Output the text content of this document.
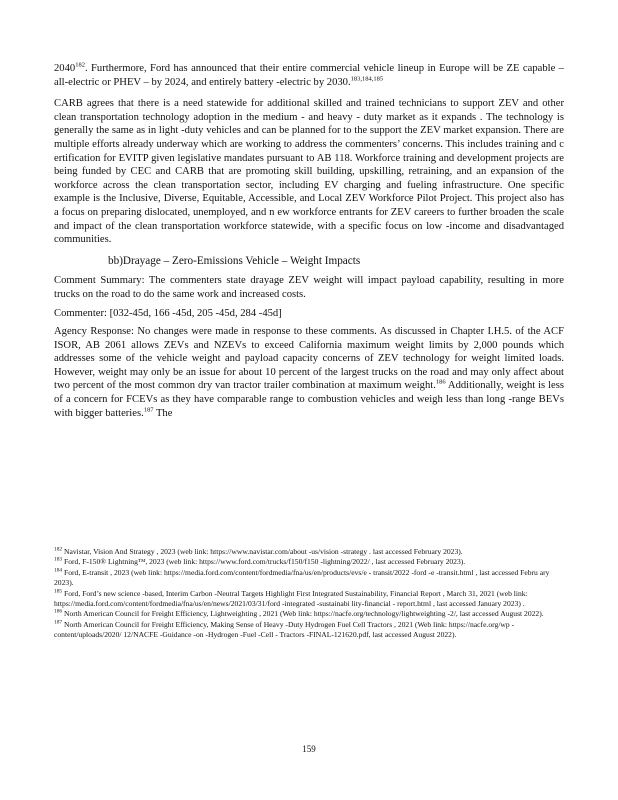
2040$^{182}$. Furthermore, Ford has announced that their entire commercial vehicle lineup in Europe will be ZE capable – all-electric or PHEV – by 2024, and entirely battery -electric by 2030.$^{183,184,185}$

CARB agrees that there is a need statewide for additional skilled and trained technicians to support ZEV and other clean transportation technology adoption in the medium - and heavy - duty market as it expands . The technology is generally the same as in light -duty vehicles and can be planned for to the support the ZEV market expansion. There are multiple efforts already underway which are working to address the commenters’ concerns. This includes training and c ertification for EVITP given legislative mandates pursuant to AB 118. Workforce training and development projects are being funded by CEC and CARB that are promoting skill building, upskilling, retraining, and an expansion of the workforce across the clean transportation sector, including EV charging and fueling infrastructure. One specific example is the Inclusive, Diverse, Equitable, Accessible, and Local ZEV Workforce Pilot Project. This project also has a focus on preparing dislocated, unemployed, and n ew workforce entrants for ZEV careers to further broaden the scale and impact of the clean transportation workforce statewide, with a specific focus on low -income and disadvantaged communities.

bb)Drayage – Zero-Emissions Vehicle – Weight Impacts

Comment Summary: The commenters state drayage ZEV weight will impact payload capability, resulting in more trucks on the road to do the same work and increased costs.

Commenter: [032-45d, 166 -45d, 205 -45d, 284 -45d]

Agency Response: No changes were made in response to these comments. As discussed in Chapter I.H.5. of the ACF ISOR, AB 2061 allows ZEVs and NZEVs to exceed California maximum weight limits by 2,000 pounds which addresses some of the vehicle weight and payload capacity concerns of ZEV technology for weight limited loads. However, weight may only be an issue for about 10 percent of the largest trucks on the road and may only affect about two percent of the most common dry van tractor trailer combination at maximum weight.$^{186}$ Additionally, weight is less of a concern for FCEVs as they have comparable range to combustion vehicles and weigh less than long -range BEVs with bigger batteries.$^{187}$ The

$^{182}$ Navistar, Vision And Strategy , 2023 (web link: https://www.navistar.com/about -us/vision -strategy . last accessed February 2023).

$^{183}$ Ford, F-150® Lightning™, 2023 (web link: https://www.ford.com/trucks/f150/f150 -lightning/2022/ , last accessed February 2023).

$^{184}$ Ford, E-transit , 2023 (web link: https://media.ford.com/content/fordmedia/fna/us/en/products/evs/e - transit/2022 -ford -e -transit.html , last accessed Febru ary 2023).

$^{185}$ Ford, Ford’s new science -based, Interim Carbon -Neutral Targets Highlight First Integrated Sustainability, Financial Report , March 31, 2021 (web link: https://media.ford.com/content/fordmedia/fna/us/en/news/2021/03/31/ford -integrated -sustainabi lity-financial - report.html , last accessed January 2023) .

$^{186}$ North American Council for Freight Efficiency, Lightweighting , 2021 (Web link: https://nacfe.org/technology/lightweighting -2/, last accessed August 2022).

$^{187}$ North American Council for Freight Efficiency, Making Sense of Heavy -Duty Hydrogen Fuel Cell Tractors , 2021 (Web link: https://nacfe.org/wp -content/uploads/2020/ 12/NACFE -Guidance -on -Hydrogen -Fuel -Cell - Tractors -FINAL-121620.pdf, last accessed August 2022).

159
